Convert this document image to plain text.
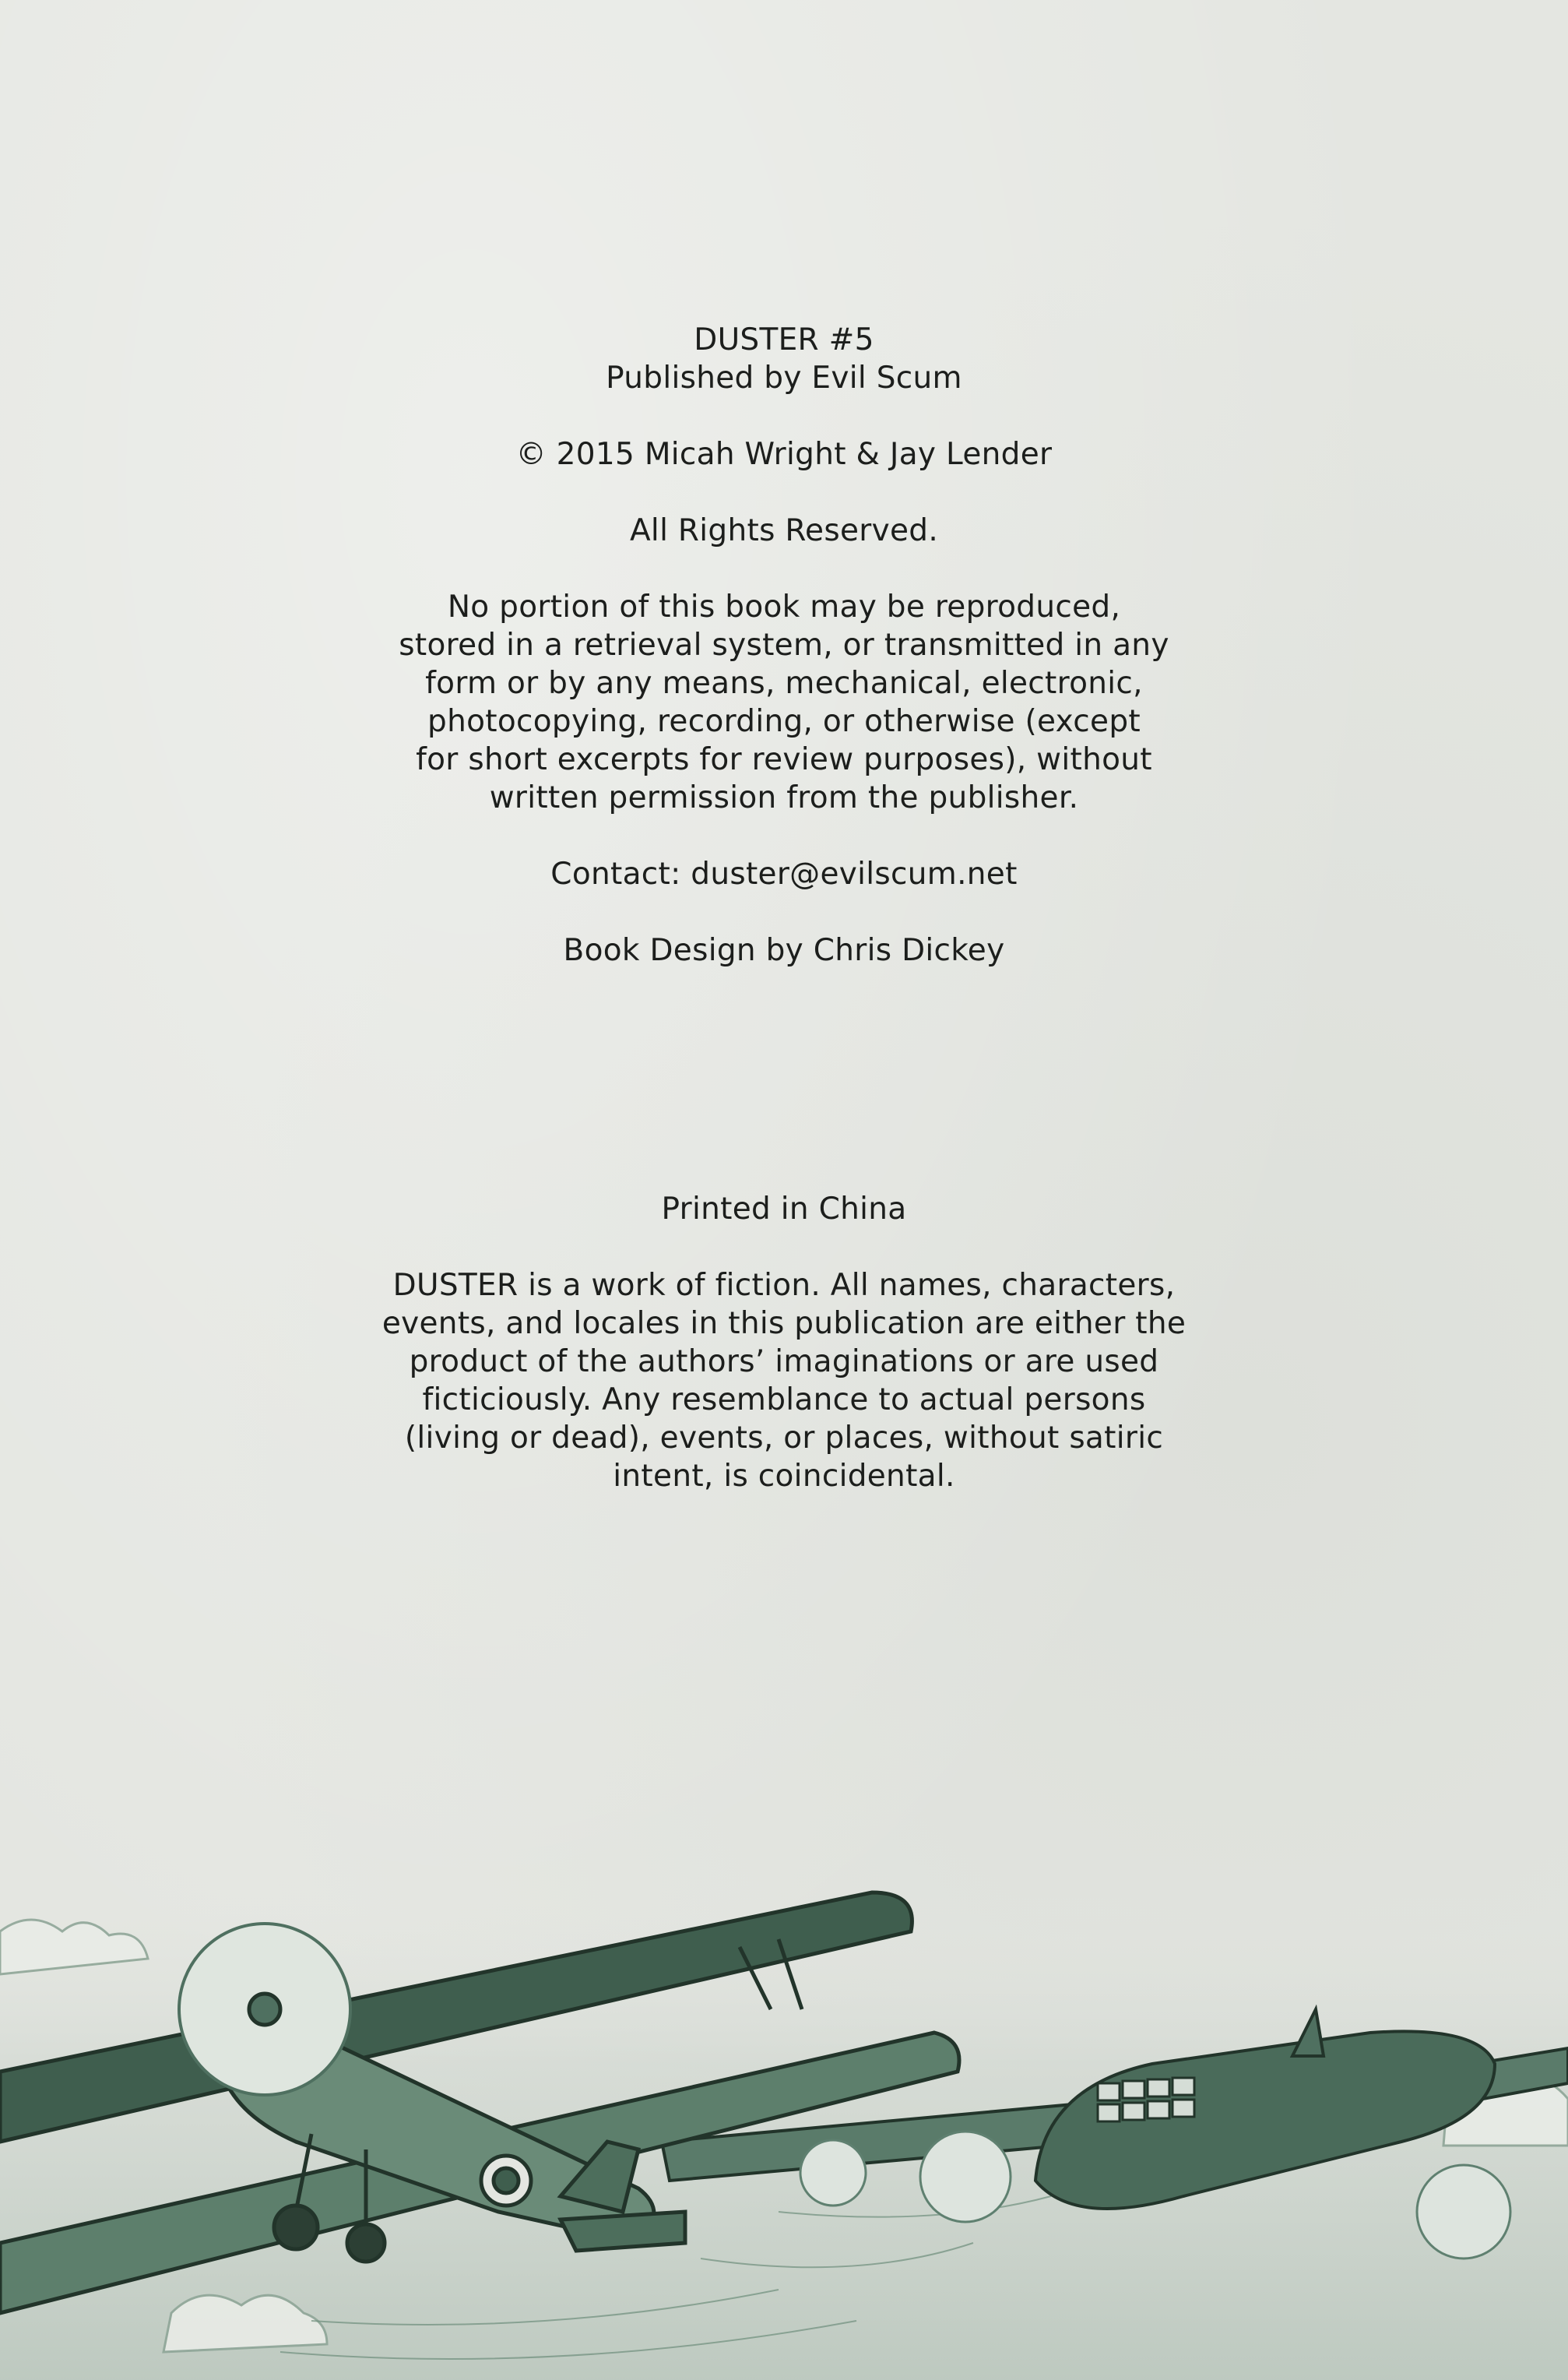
DUSTER #5

Published by Evil Scum

© 2015 Micah Wright & Jay Lender

All Rights Reserved.

No portion of this book may be reproduced,

stored in a retrieval system, or transmitted in any

form or by any means, mechanical, electronic,

photocopying, recording, or otherwise (except

for short excerpts for review purposes), without

written permission from the publisher.

Contact: duster@evilscum.net

Book Design by Chris Dickey

Printed in China

DUSTER is a work of fiction. All names, characters,

events, and locales in this publication are either the

product of the authors’ imaginations or are used

ficticiously. Any resemblance to actual persons

(living or dead), events, or places, without satiric

intent, is coincidental.
